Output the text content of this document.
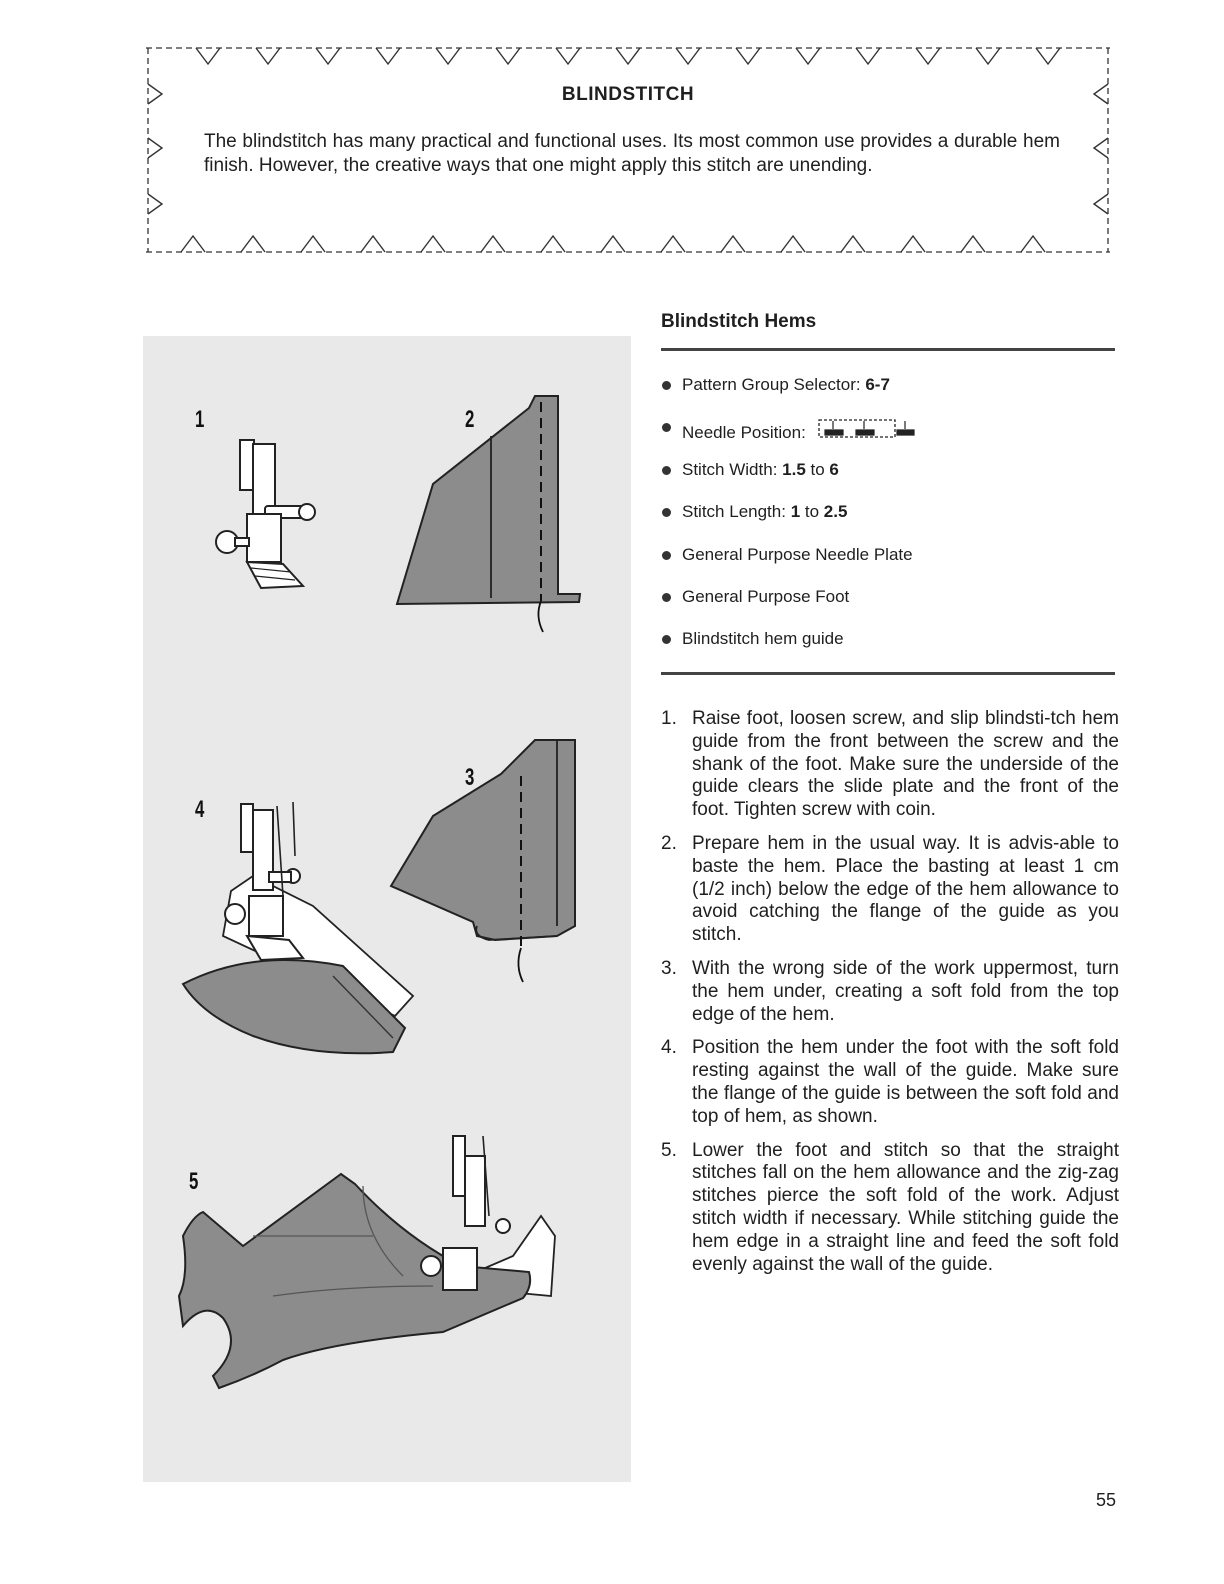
BLINDSTITCH
The blindstitch has many practical and functional uses. Its most common use provides a durable hem finish. However, the creative ways that one might apply this stitch are unending.
1	2
3
4
5
Blindstitch Hems
Pattern Group Selector: 6-7
Needle Position:
Stitch Width: 1.5 to 6
Stitch Length: 1 to 2.5
General Purpose Needle Plate
General Purpose Foot
Blindstitch hem guide
1. Raise foot, loosen screw, and slip blindsti-tch hem guide from the front between the screw and the shank of the foot. Make sure the underside of the guide clears the slide plate and the front of the foot. Tighten screw with coin.
2. Prepare hem in the usual way. It is advis-able to baste the hem. Place the basting at least 1 cm (1/2 inch) below the edge of the hem allowance to avoid catching the flange of the guide as you stitch.
3. With the wrong side of the work uppermost, turn the hem under, creating a soft fold from the top edge of the hem.
4. Position the hem under the foot with the soft fold resting against the wall of the guide. Make sure the flange of the guide is between the soft fold and top of hem, as shown.
5. Lower the foot and stitch so that the straight stitches fall on the hem allowance and the zig-zag stitches pierce the soft fold of the work. Adjust stitch width if necessary. While stitching guide the hem edge in a straight line and feed the soft fold evenly against the wall of the guide.
55
